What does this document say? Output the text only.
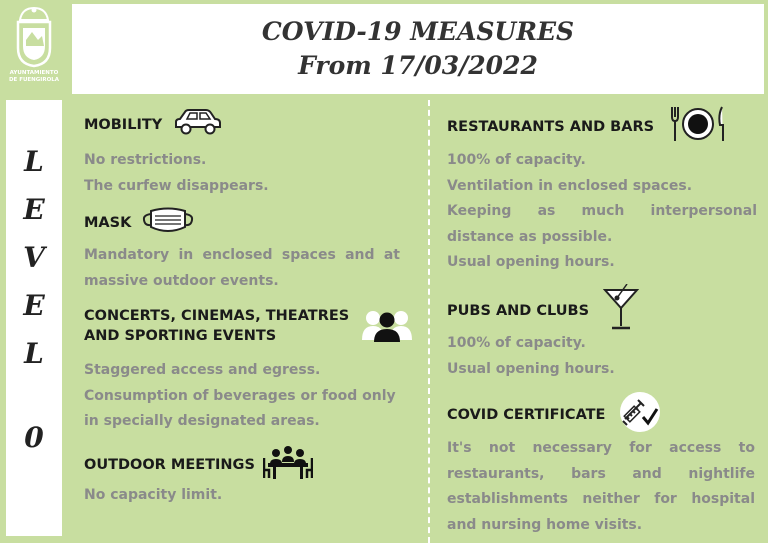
AYUNTAMIENTO
DE FUENGIROLA
L
E
V
E
L
0
COVID-19 MEASURES
From 17/03/2022
MOBILITY
No restrictions.
The curfew disappears.
MASK
Mandatory in enclosed spaces and at massive outdoor events.
CONCERTS, CINEMAS, THEATRES
AND SPORTING EVENTS
Staggered access and egress.
Consumption of beverages or food only in specially designated areas.
OUTDOOR MEETINGS
No capacity limit.
RESTAURANTS AND BARS
100% of capacity.
Ventilation in enclosed spaces.
Keeping as much interpersonal distance as possible.
Usual opening hours.
PUBS AND CLUBS
100% of capacity.
Usual opening hours.
COVID CERTIFICATE
It's not necessary for access to restaurants, bars and nightlife establishments neither for hospital and nursing home visits.
